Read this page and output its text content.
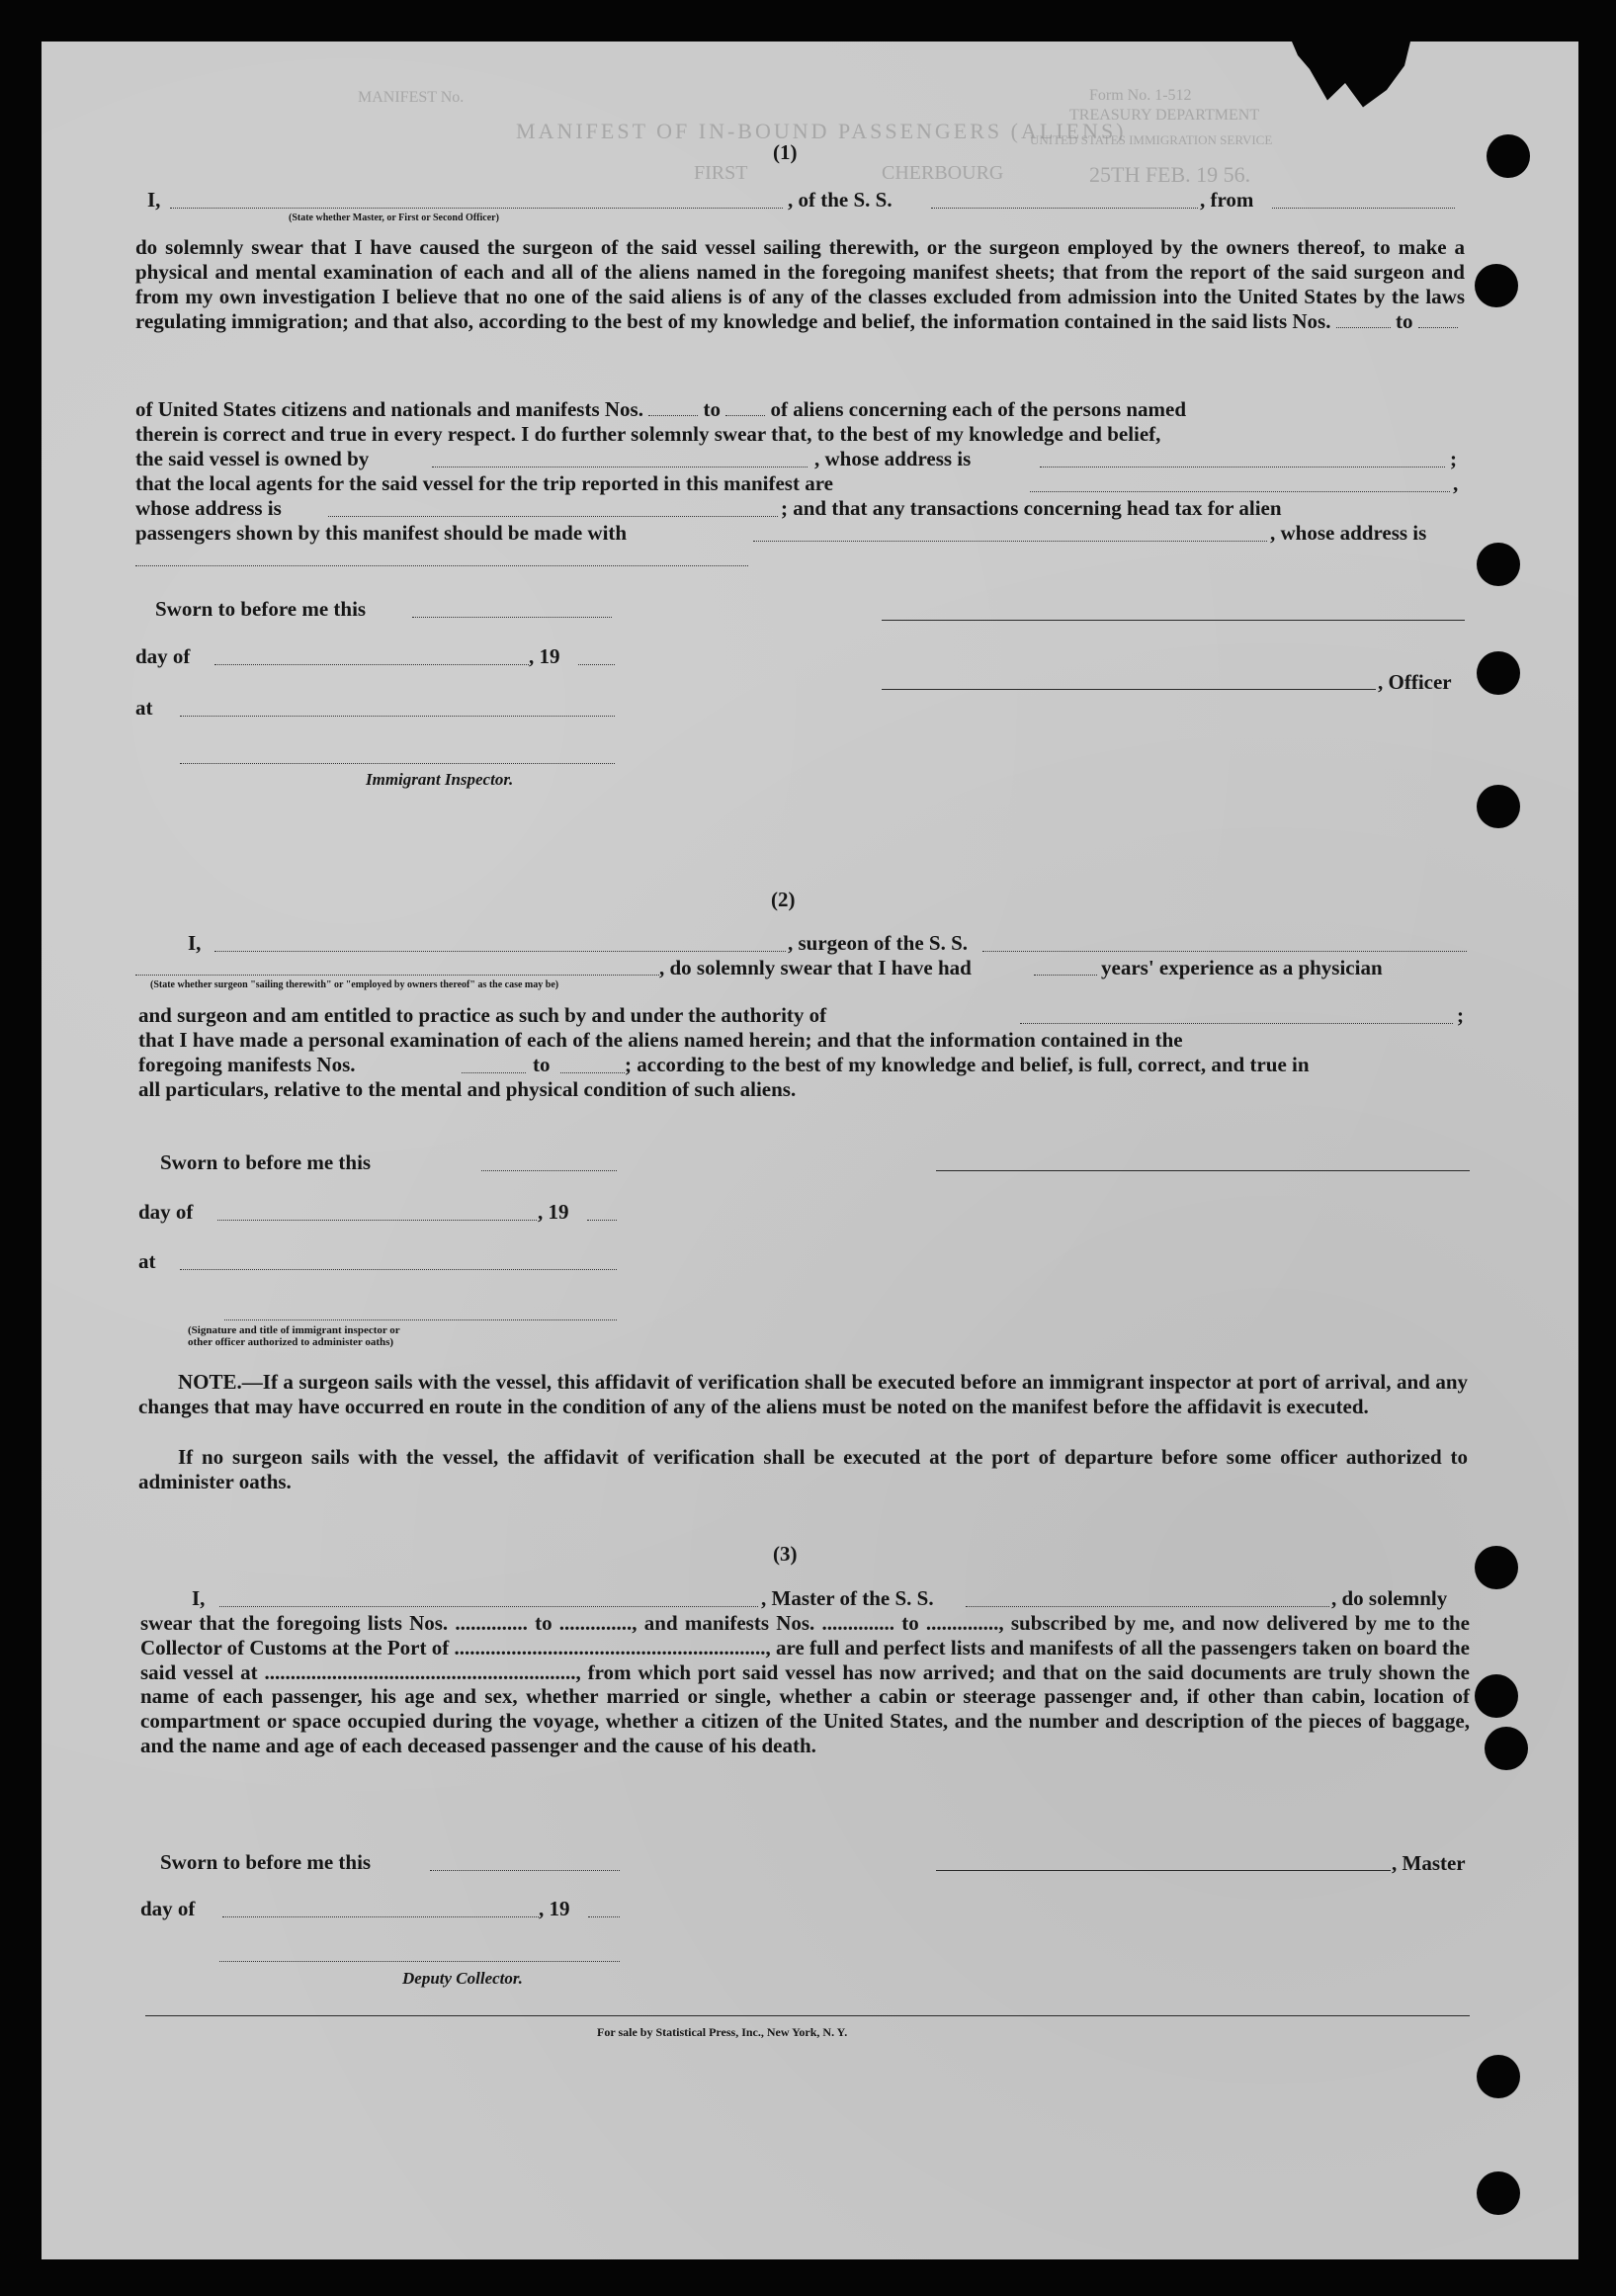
MANIFEST No.
MANIFEST OF IN-BOUND PASSENGERS (ALIENS)
Form No. 1-512
TREASURY DEPARTMENT
UNITED STATES IMMIGRATION SERVICE
FIRST	CHERBOURG	25TH FEB. 19 56.
(1)
I,	, of the S. S.	, from
(State whether Master, or First or Second Officer)
do solemnly swear that I have caused the surgeon of the said vessel sailing therewith, or the surgeon employed by the owners thereof, to make a physical and mental examination of each and all of the aliens named in the foregoing manifest sheets; that from the report of the said surgeon and from my own investigation I believe that no one of the said aliens is of any of the classes excluded from admission into the United States by the laws regulating immigration; and that also, according to the best of my knowledge and belief, the information contained in the said lists Nos.	to
of United States citizens and nationals and manifests Nos.	to of aliens concerning each of the persons named
therein is correct and true in every respect. I do further solemnly swear that, to the best of my knowledge and belief,
the said vessel is owned by	, whose address is	;
that the local agents for the said vessel for the trip reported in this manifest are	,
whose address is	; and that any transactions concerning head tax for alien
passengers shown by this manifest should be made with	, whose address is
Sworn to before me this
day of	, 19
, Officer
at
Immigrant Inspector.
(2)
I,	, surgeon of the S. S.
, do solemnly swear that I have had	years' experience as a physician
(State whether surgeon "sailing therewith" or "employed by owners thereof" as the case may be)
and surgeon and am entitled to practice as such by and under the authority of	;
that I have made a personal examination of each of the aliens named herein; and that the information contained in the
foregoing manifests Nos.	to	; according to the best of my knowledge and belief, is full, correct, and true in
all particulars, relative to the mental and physical condition of such aliens.
Sworn to before me this
day of	, 19
at
(Signature and title of immigrant inspector or
other officer authorized to administer oaths)
NOTE.—If a surgeon sails with the vessel, this affidavit of verification shall be executed before an immigrant inspector at port of arrival, and any changes that may have occurred en route in the condition of any of the aliens must be noted on the manifest before the affidavit is executed.
If no surgeon sails with the vessel, the affidavit of verification shall be executed at the port of departure before some officer authorized to administer oaths.
(3)
I,	, Master of the S. S.	, do solemnly
swear that the foregoing lists Nos. .............. to .............., and manifests Nos. .............. to .............., subscribed by me, and now delivered by me to the Collector of Customs at the Port of ............................................................, are full and perfect lists and manifests of all the passengers taken on board the said vessel at ............................................................, from which port said vessel has now arrived; and that on the said documents are truly shown the name of each passenger, his age and sex, whether married or single, whether a cabin or steerage passenger and, if other than cabin, location of compartment or space occupied during the voyage, whether a citizen of the United States, and the number and description of the pieces of baggage, and the name and age of each deceased passenger and the cause of his death.
Sworn to before me this	, Master
day of	, 19
Deputy Collector.
For sale by Statistical Press, Inc., New York, N. Y.
